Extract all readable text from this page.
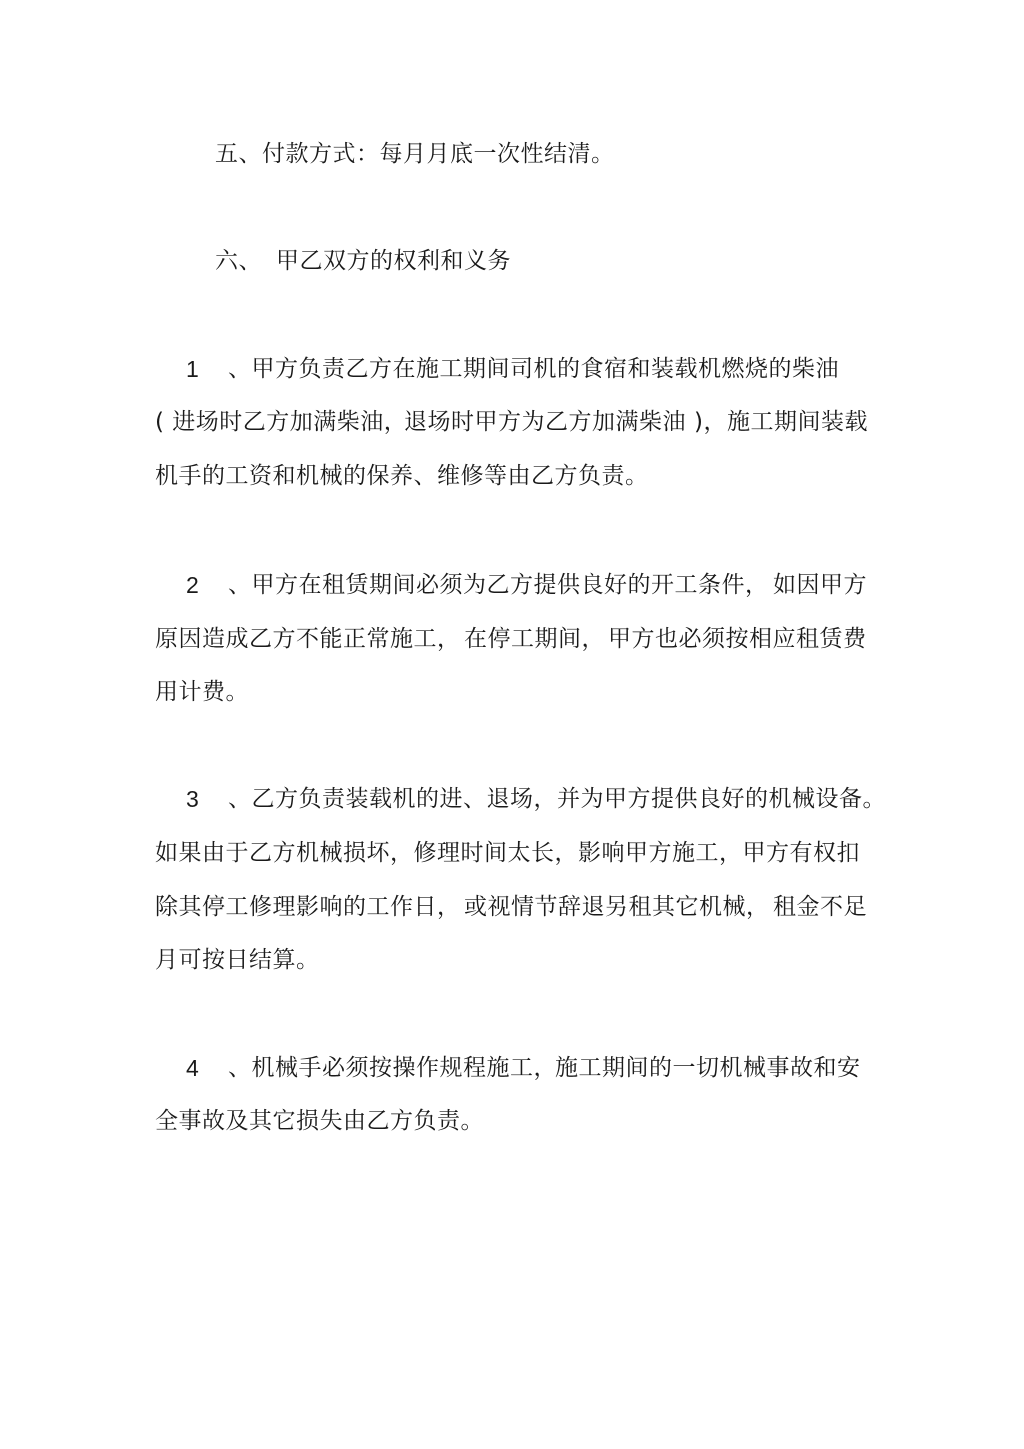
五、付款方式：每月月底一次性结清。
六、 甲乙双方的权利和义务
1 、甲方负责乙方在施工期间司机的食宿和装载机燃烧的柴油
( 进场时乙方加满柴油，
退场时甲方为乙方加满柴油 )，施工期间装载
机手的工资和机械的保养、维修等由乙方负责。
2 、甲方在租赁期间必须为乙方提供良好的开工条件， 如因甲方
原因造成乙方不能正常施工， 在停工期间， 甲方也必须按相应租赁费
用计费。
3 、乙方负责装载机的进、退场，并为甲方提供良好的机械设备。
如果由于乙方机械损坏，修理时间太长，影响甲方施工，甲方有权扣
除其停工修理影响的工作日， 或视情节辞退另租其它机械， 租金不足
月可按日结算。
4 、机械手必须按操作规程施工，
施工期间的一切机械事故和安
全事故及其它损失由乙方负责。
